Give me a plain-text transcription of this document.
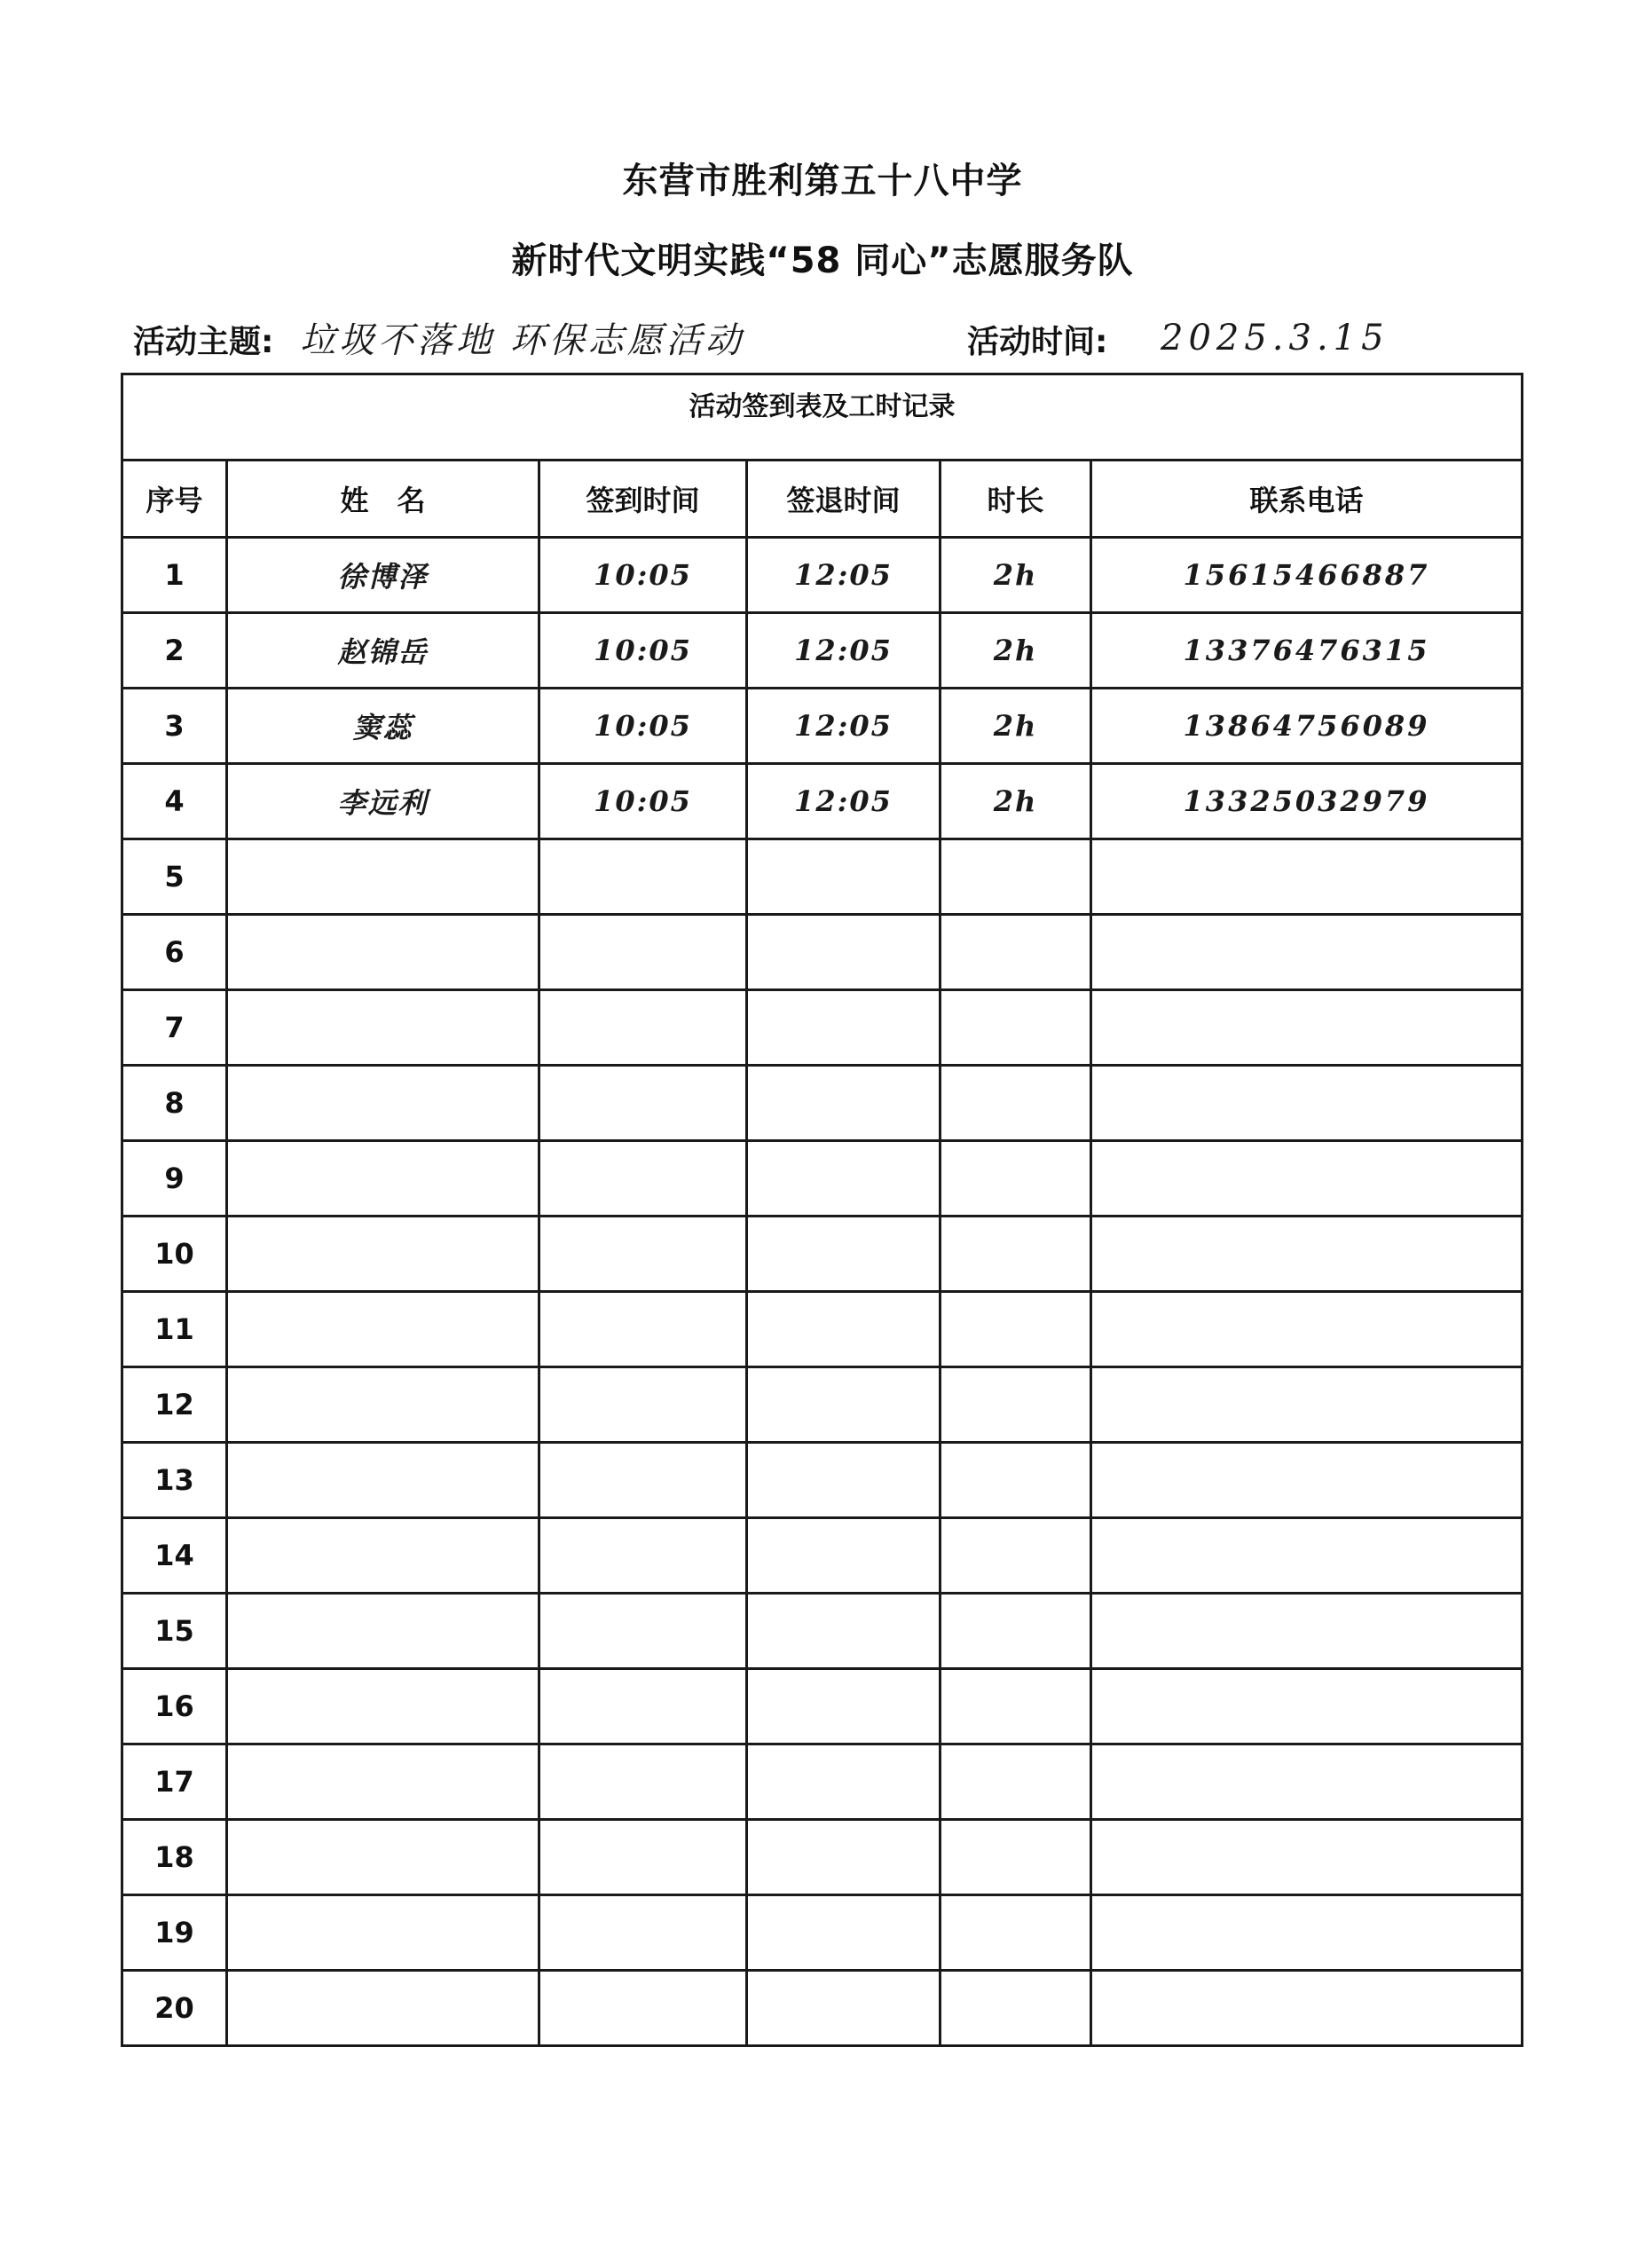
东营市胜利第五十八中学
新时代文明实践“58 同心”志愿服务队
活动主题: 垃圾不落地 环保志愿活动	活动时间: 2025.3.15
活动签到表及工时记录					
序号	姓　名	签到时间	签退时间	时长	联系电话
1	徐博泽	10:05	12:05	2h	15615466887
2	赵锦岳	10:05	12:05	2h	13376476315
3	窦蕊	10:05	12:05	2h	13864756089
4	李远利	10:05	12:05	2h	13325032979
5					
6					
7					
8					
9					
10					
11					
12					
13					
14					
15					
16					
17					
18					
19					
20					
